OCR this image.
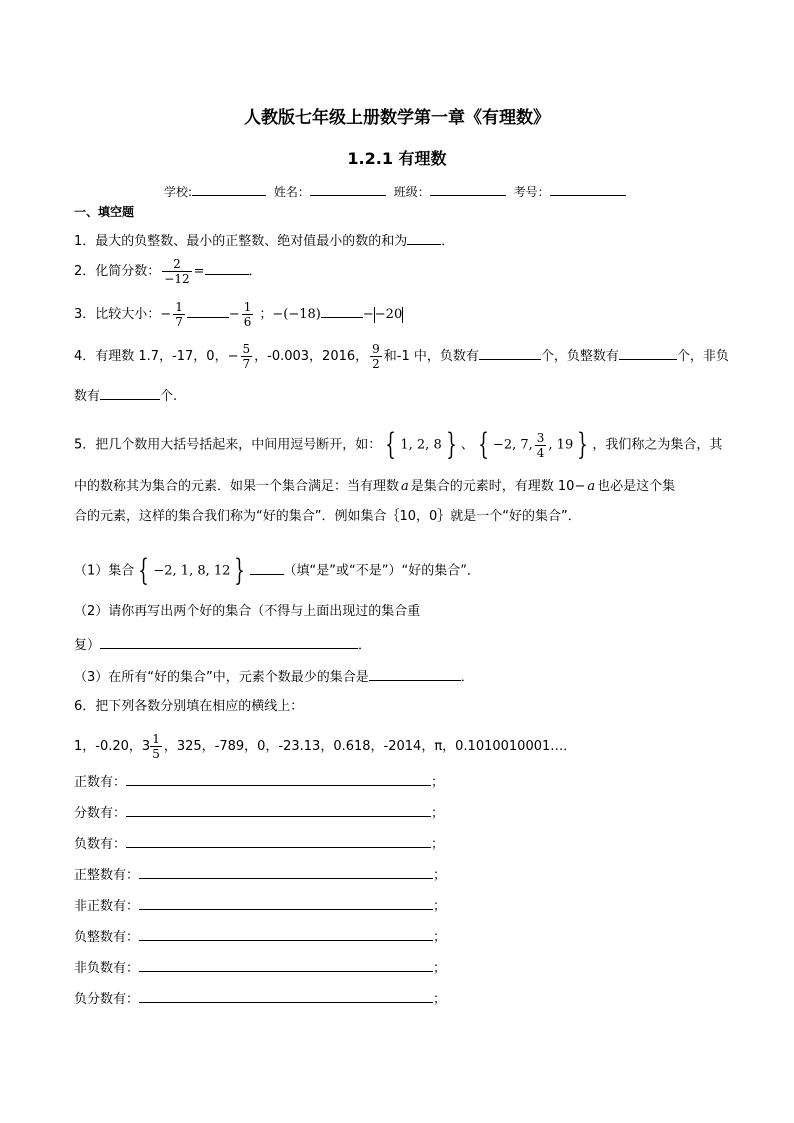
人教版七年级上册数学第一章《有理数》
1.2.1 有理数
学校:	姓名：	班级：	考号：
一、填空题
1．最大的负整数、最小的正整数、绝对值最小的数的和为	．
2．化简分数： $\frac{2}{-12}$ =	．
3．比较大小：− $\frac{1}{7}$	− $\frac{1}{6}$ ；−(−18)	−−20
4．有理数 1.7，-17，0，− $\frac{5}{7}$ ，-0.003，2016， $\frac{9}{2}$ 和-1 中，负数有	个，负整数有	个，非负
数有	个.
5．把几个数用大括号括起来，中间用逗号断开，如： { 1, 2, 8 } 、 { −2, 7, $\frac{3}{4}$ , 19 } ，我们称之为集合，其
中的数称其为集合的元素．如果一个集合满足：当有理数 a 是集合的元素时，有理数 10− a 也必是这个集
合的元素，这样的集合我们称为“好的集合”．例如集合｛10，0｝就是一个“好的集合”．
（1）集合 { −2, 1, 8, 12 }	（填“是”或“不是”）“好的集合”．
（2）请你再写出两个好的集合（不得与上面出现过的集合重
复）	．
（3）在所有“好的集合”中，元素个数最少的集合是	．
6．把下列各数分别填在相应的横线上：
1，-0.20，$3 \frac{1}{5}$ ，325，-789，0，-23.13，0.618，-2014，π，0.1010010001…．
正数有：	；
分数有：	；
负数有：	；
正整数有：	；
非正数有：	；
负整数有：	；
非负数有：	；
负分数有：	；
